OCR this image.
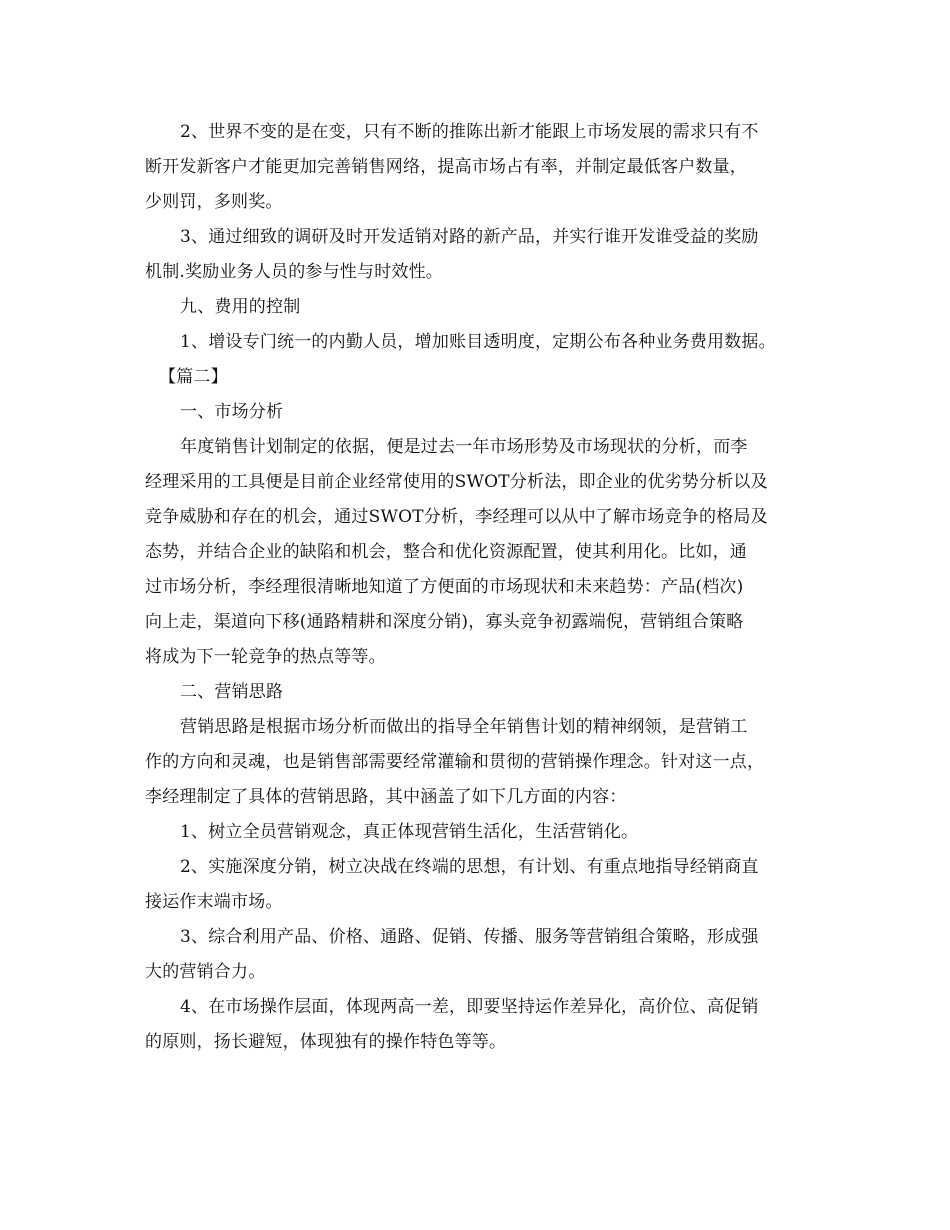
2、世界不变的是在变，只有不断的推陈出新才能跟上市场发展的需求只有不
断开发新客户才能更加完善销售网络，提高市场占有率，并制定最低客户数量，
少则罚，多则奖。
3、通过细致的调研及时开发适销对路的新产品，并实行谁开发谁受益的奖励
机制.奖励业务人员的参与性与时效性。
九、费用的控制
1、增设专门统一的内勤人员，增加账目透明度，定期公布各种业务费用数据。
【篇二】
一、市场分析
年度销售计划制定的依据，便是过去一年市场形势及市场现状的分析，而李
经理采用的工具便是目前企业经常使用的SWOT分析法，即企业的优劣势分析以及
竞争威胁和存在的机会，通过SWOT分析，李经理可以从中了解市场竞争的格局及
态势，并结合企业的缺陷和机会，整合和优化资源配置，使其利用化。比如，通
过市场分析，李经理很清晰地知道了方便面的市场现状和未来趋势：产品(档次)
向上走，渠道向下移(通路精耕和深度分销)，寡头竞争初露端倪，营销组合策略
将成为下一轮竞争的热点等等。
二、营销思路
营销思路是根据市场分析而做出的指导全年销售计划的精神纲领，是营销工
作的方向和灵魂，也是销售部需要经常灌输和贯彻的营销操作理念。针对这一点，
李经理制定了具体的营销思路，其中涵盖了如下几方面的内容：
1、树立全员营销观念，真正体现营销生活化，生活营销化。
2、实施深度分销，树立决战在终端的思想，有计划、有重点地指导经销商直
接运作末端市场。
3、综合利用产品、价格、通路、促销、传播、服务等营销组合策略，形成强
大的营销合力。
4、在市场操作层面，体现两高一差，即要坚持运作差异化，高价位、高促销
的原则，扬长避短，体现独有的操作特色等等。
